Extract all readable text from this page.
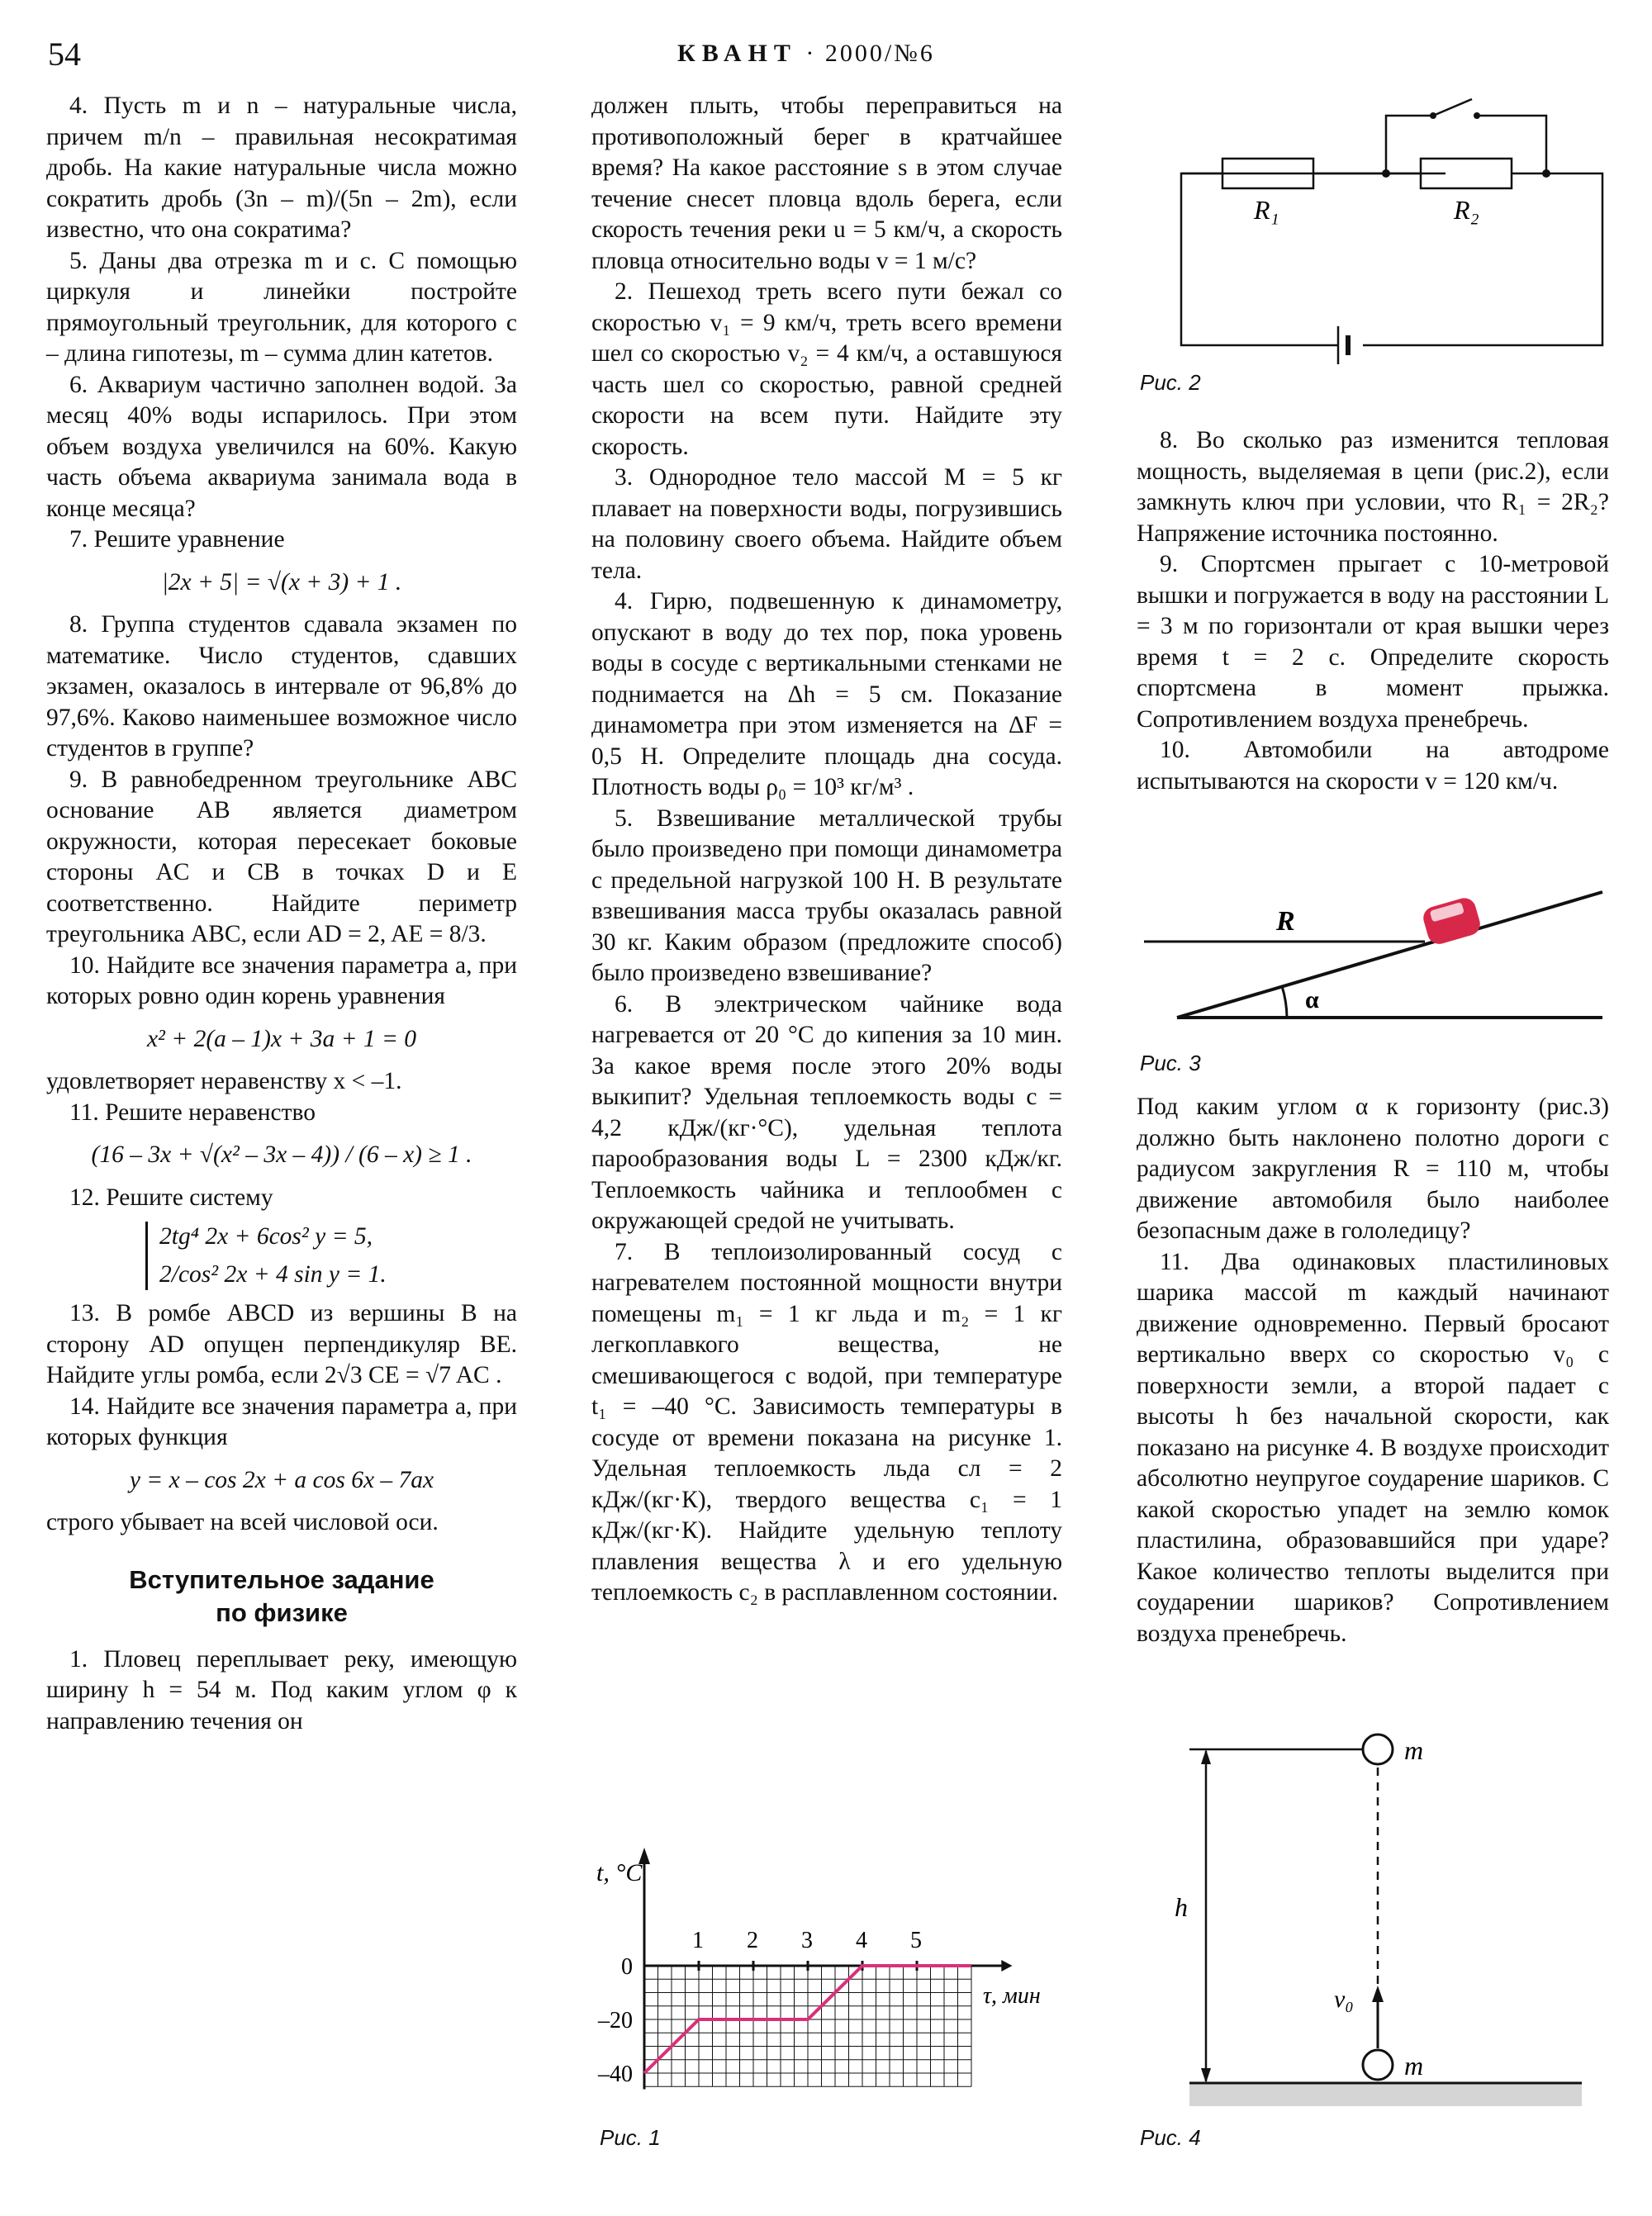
54	КВАНТ · 2000/№6

4. Пусть m и n – натуральные числа, причем m/n – правильная несократимая дробь. На какие натуральные числа можно сократить дробь (3n – m)/(5n – 2m), если известно, что она сократима?

5. Даны два отрезка m и c. С помощью циркуля и линейки постройте прямоугольный треугольник, для которого c – длина гипотезы, m – сумма длин катетов.

6. Аквариум частично заполнен водой. За месяц 40% воды испарилось. При этом объем воздуха увеличился на 60%. Какую часть объема аквариума занимала вода в конце месяца?

7. Решите уравнение

|2x + 5| = √(x + 3) + 1 .

8. Группа студентов сдавала экзамен по математике. Число студентов, сдавших экзамен, оказалось в интервале от 96,8% до 97,6%. Каково наименьшее возможное число студентов в группе?

9. В равнобедренном треугольнике ABC основание AB является диаметром окружности, которая пересекает боковые стороны AC и CB в точках D и E соответственно. Найдите периметр треугольника ABC, если AD = 2, AE = 8/3.

10. Найдите все значения параметра a, при которых ровно один корень уравнения

x² + 2(a – 1)x + 3a + 1 = 0

удовлетворяет неравенству x < –1.

11. Решите неравенство

(16 – 3x + √(x² – 3x – 4)) / (6 – x) ≥ 1 .

12. Решите систему

2tg⁴ 2x + 6cos² y = 5,
2/cos² 2x + 4 sin y = 1.

13. В ромбе ABCD из вершины B на сторону AD опущен перпендикуляр BE. Найдите углы ромба, если 2√3 CE = √7 AC .

14. Найдите все значения параметра a, при которых функция

y = x – cos 2x + a cos 6x – 7ax

строго убывает на всей числовой оси.

Вступительное задание
по физике

1. Пловец переплывает реку, имеющую ширину h = 54 м. Под каким углом φ к направлению течения он

должен плыть, чтобы переправиться на противоположный берег в кратчайшее время? На какое расстояние s в этом случае течение снесет пловца вдоль берега, если скорость течения реки u = 5 км/ч, а скорость пловца относительно воды v = 1 м/с?

2. Пешеход треть всего пути бежал со скоростью v₁ = 9 км/ч, треть всего времени шел со скоростью v₂ = 4 км/ч, а оставшуюся часть шел со скоростью, равной средней скорости на всем пути. Найдите эту скорость.

3. Однородное тело массой M = 5 кг плавает на поверхности воды, погрузившись на половину своего объема. Найдите объем тела.

4. Гирю, подвешенную к динамометру, опускают в воду до тех пор, пока уровень воды в сосуде с вертикальными стенками не поднимается на Δh = 5 см. Показание динамометра при этом изменяется на ΔF = 0,5 Н. Определите площадь дна сосуда. Плотность воды ρ₀ = 10³ кг/м³ .

5. Взвешивание металлической трубы было произведено при помощи динамометра с предельной нагрузкой 100 Н. В результате взвешивания масса трубы оказалась равной 30 кг. Каким образом (предложите способ) было произведено взвешивание?

6. В электрическом чайнике вода нагревается от 20 °С до кипения за 10 мин. За какое время после этого 20% воды выкипит? Удельная теплоемкость воды c = 4,2 кДж/(кг·°С), удельная теплота парообразования воды L = 2300 кДж/кг. Теплоемкость чайника и теплообмен с окружающей средой не учитывать.

7. В теплоизолированный сосуд с нагревателем постоянной мощности внутри помещены m₁ = 1 кг льда и m₂ = 1 кг легкоплавкого вещества, не смешивающегося с водой, при температуре t₁ = –40 °С. Зависимость температуры в сосуде от времени показана на рисунке 1. Удельная теплоемкость льда cл = 2 кДж/(кг·К), твердого вещества c₁ = 1 кДж/(кг·К). Найдите удельную теплоту плавления вещества λ и его удельную теплоемкость c₂ в расплавленном состоянии.

1 2 3 4 5
0
–20
–40
t, °C
τ, мин
Рис. 1
R₁	R₂
Рис. 2

8. Во сколько раз изменится тепловая мощность, выделяемая в цепи (рис.2), если замкнуть ключ при условии, что R₁ = 2R₂? Напряжение источника постоянно.

9. Спортсмен прыгает с 10-метровой вышки и погружается в воду на расстоянии L = 3 м по горизонтали от края вышки через время t = 2 с. Определите скорость спортсмена в момент прыжка. Сопротивлением воздуха пренебречь.

10. Автомобили на автодроме испытываются на скорости v = 120 км/ч.

R
α
Рис. 3

Под каким углом α к горизонту (рис.3) должно быть наклонено полотно дороги с радиусом закругления R = 110 м, чтобы движение автомобиля было наиболее безопасным даже в гололедицу?

11. Два одинаковых пластилиновых шарика массой m каждый начинают движение одновременно. Первый бросают вертикально вверх со скоростью v₀ с поверхности земли, а второй падает с высоты h без начальной скорости, как показано на рисунке 4. В воздухе происходит абсолютно неупругое соударение шариков. С какой скоростью упадет на землю комок пластилина, образовавшийся при ударе? Какое количество теплоты выделится при соударении шариков? Сопротивлением воздуха пренебречь.

m
m
h
v₀
Рис. 4
